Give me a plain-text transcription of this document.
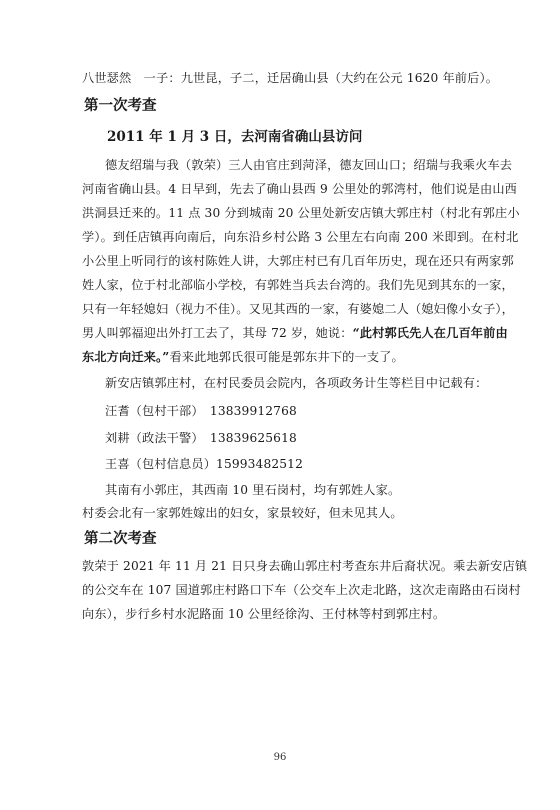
八世瑟然　一子：九世昆，子二，迁居确山县（大约在公元 1620 年前后）。
第一次考查
2011 年 1 月 3 日，去河南省确山县访问
德友绍瑞与我（敦荣）三人由官庄到菏泽，德友回山口；绍瑞与我乘火车去
河南省确山县。4 日早到，先去了确山县西 9 公里处的郭湾村，他们说是由山西
洪洞县迁来的。11 点 30 分到城南 20 公里处新安店镇大郭庄村（村北有郭庄小
学）。到任店镇再向南后，向东沿乡村公路 3 公里左右向南 200 米即到。在村北
小公里上听同行的该村陈姓人讲，大郭庄村已有几百年历史，现在还只有两家郭
姓人家，位于村北部临小学校，有郭姓当兵去台湾的。我们先见到其东的一家，
只有一年轻媳妇（视力不佳）。又见其西的一家，有婆媳二人（媳妇像小女子），
男人叫郭福迎出外打工去了，其母 72 岁，她说：“此村郭氏先人在几百年前由
东北方向迁来。”看来此地郭氏很可能是郭东井下的一支了。
新安店镇郭庄村，在村民委员会院内，各项政务计生等栏目中记载有：
汪耆（包村干部）　13839912768
刘耕（政法干警）　13839625618
王喜（包村信息员）15993482512
其南有小郭庄，其西南 10 里石岗村，均有郭姓人家。
村委会北有一家郭姓嫁出的妇女，家景较好，但未见其人。
第二次考查
敦荣于 2021 年 11 月 21 日只身去确山郭庄村考查东井后裔状况。乘去新安店镇
的公交车在 107 国道郭庄村路口下车（公交车上次走北路，这次走南路由石岗村
向东），步行乡村水泥路面 10 公里经徐沟、王付林等村到郭庄村。
96
